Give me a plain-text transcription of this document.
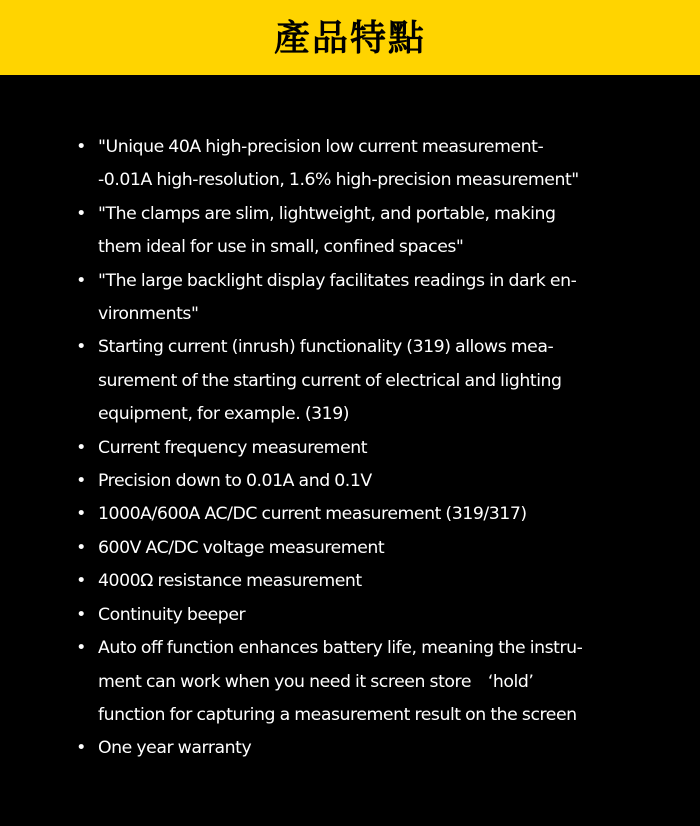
產品特點
• "Unique 40A high-precision low current measurement-
-0.01A high-resolution, 1.6% high-precision measurement"
• "The clamps are slim, lightweight, and portable, making
them ideal for use in small, confined spaces"
• "The large backlight display facilitates readings in dark en-
vironments"
• Starting current (inrush) functionality (319) allows mea-
surement of the starting current of electrical and lighting
equipment, for example. (319)
• Current frequency measurement
• Precision down to 0.01A and 0.1V
• 1000A/600A AC/DC current measurement (319/317)
• 600V AC/DC voltage measurement
• 4000Ω resistance measurement
• Continuity beeper
• Auto off function enhances battery life, meaning the instru-
ment can work when you need it screen store　‘hold’
function for capturing a measurement result on the screen
• One year warranty
